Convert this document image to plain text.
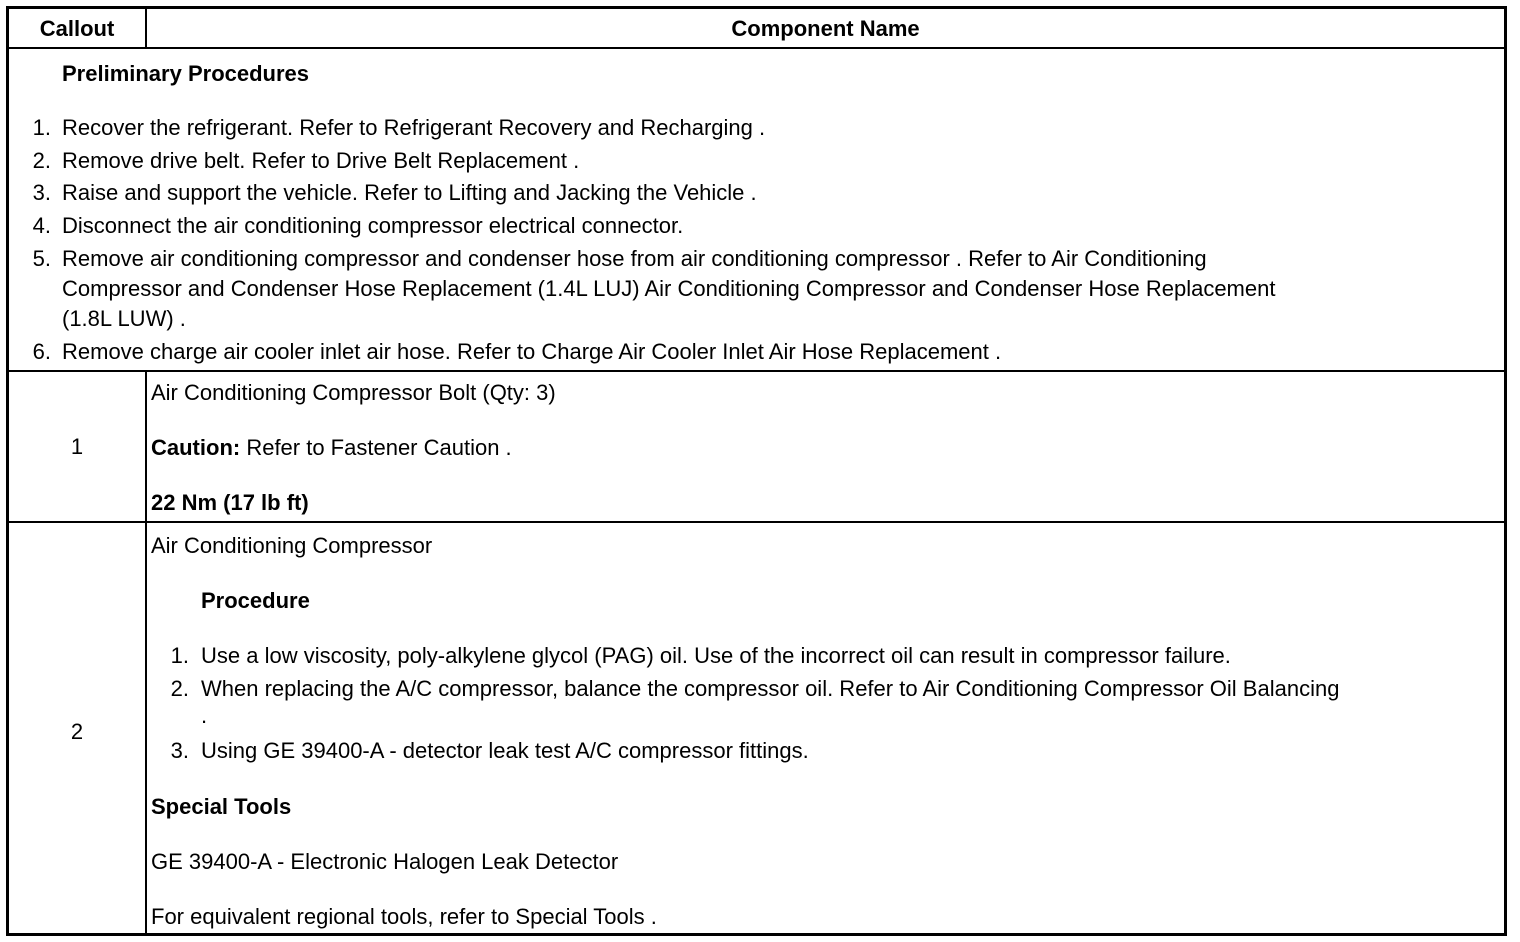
Callout	Component Name
Preliminary Procedures
1. Recover the refrigerant. Refer to Refrigerant Recovery and Recharging .
2. Remove drive belt. Refer to Drive Belt Replacement .
3. Raise and support the vehicle. Refer to Lifting and Jacking the Vehicle .
4. Disconnect the air conditioning compressor electrical connector.
5. Remove air conditioning compressor and condenser hose from air conditioning compressor . Refer to Air Conditioning
Compressor and Condenser Hose Replacement (1.4L LUJ) Air Conditioning Compressor and Condenser Hose Replacement
(1.8L LUW) .
6. Remove charge air cooler inlet air hose. Refer to Charge Air Cooler Inlet Air Hose Replacement .
1
Air Conditioning Compressor Bolt (Qty: 3)
Caution: Refer to Fastener Caution .
22 Nm (17 lb ft)
2
Air Conditioning Compressor
Procedure
1. Use a low viscosity, poly-alkylene glycol (PAG) oil. Use of the incorrect oil can result in compressor failure.
2. When replacing the A/C compressor, balance the compressor oil. Refer to Air Conditioning Compressor Oil Balancing
.
3. Using GE 39400-A - detector leak test A/C compressor fittings.
Special Tools
GE 39400-A - Electronic Halogen Leak Detector
For equivalent regional tools, refer to Special Tools .
